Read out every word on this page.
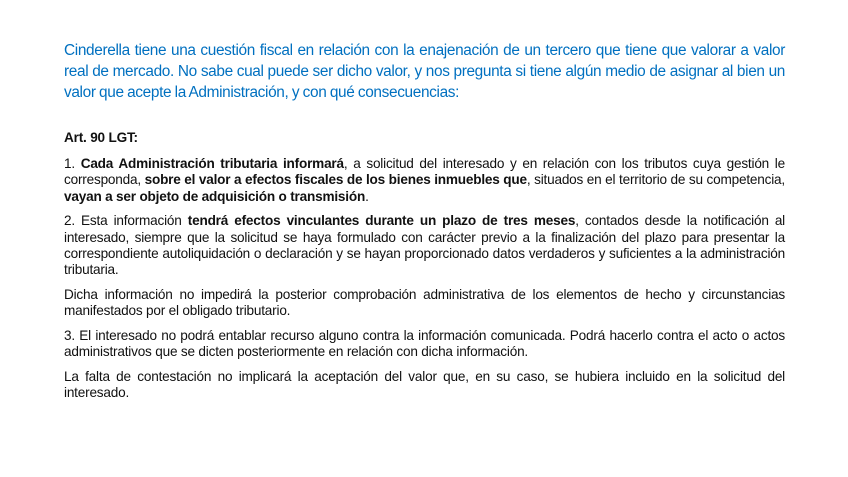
Cinderella tiene una cuestión fiscal en relación con la enajenación de un tercero que tiene que valorar a valor real de mercado. No sabe cual puede ser dicho valor, y nos pregunta si tiene algún medio de asignar al bien un valor que acepte la Administración, y con qué consecuencias:

Art. 90 LGT:

1. Cada Administración tributaria informará, a solicitud del interesado y en relación con los tributos cuya gestión le corresponda, sobre el valor a efectos fiscales de los bienes inmuebles que, situados en el territorio de su competencia, vayan a ser objeto de adquisición o transmisión.

2. Esta información tendrá efectos vinculantes durante un plazo de tres meses, contados desde la notificación al interesado, siempre que la solicitud se haya formulado con carácter previo a la finalización del plazo para presentar la correspondiente autoliquidación o declaración y se hayan proporcionado datos verdaderos y suficientes a la administración tributaria.

Dicha información no impedirá la posterior comprobación administrativa de los elementos de hecho y circunstancias manifestados por el obligado tributario.

3. El interesado no podrá entablar recurso alguno contra la información comunicada. Podrá hacerlo contra el acto o actos administrativos que se dicten posteriormente en relación con dicha información.

La falta de contestación no implicará la aceptación del valor que, en su caso, se hubiera incluido en la solicitud del interesado.
